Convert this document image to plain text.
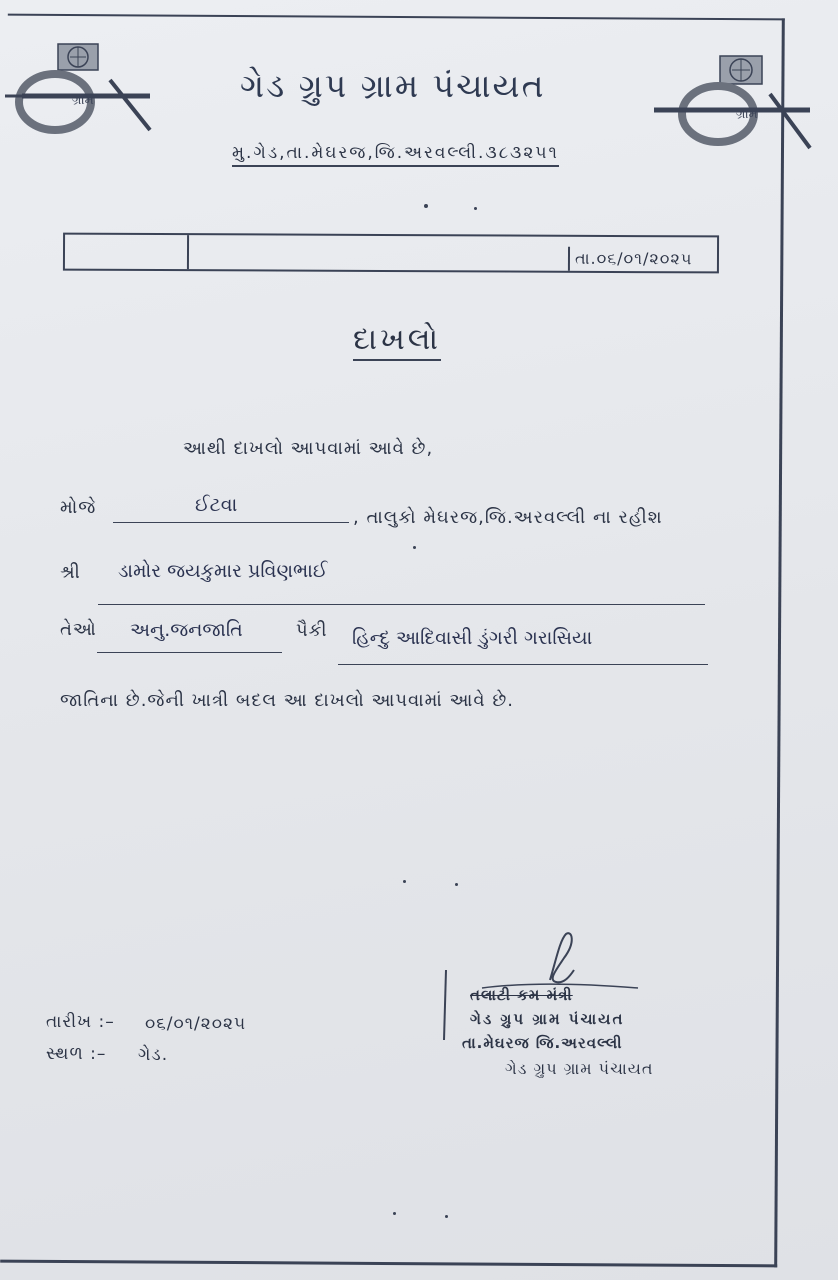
ગ્રામ
ગ્રામ
ગેડ ગ્રુપ ગ્રામ પંચાયત
મુ.ગેડ,તા.મેઘરજ,જિ.અરવલ્લી.૩૮૩૨૫૧
તા.૦૬/૦૧/૨૦૨૫
દાખલો
આથી દાખલો આપવામાં આવે છે,
મોજે	ઈટવા
, તાલુકો મેઘરજ,જિ.અરવલ્લી ના રહીશ
શ્રી ડામોર જયકુમાર પ્રવિણભાઈ
તેઓ અનુ.જનજાતિ	પૈકી હિન્દુ આદિવાસી ડુંગરી ગરાસિયા
જાતિના છે.જેની ખાત્રી બદલ આ દાખલો આપવામાં આવે છે.
તલાટી કમ મંત્રી
ગેડ ગ્રુપ ગ્રામ પંચાયત
તા.મેઘરજ જિ.અરવલ્લી
ગેડ ગ્રુપ ગ્રામ પંચાયત
તારીખ :– ૦૬/૦૧/૨૦૨૫
સ્થળ :– ગેડ.
